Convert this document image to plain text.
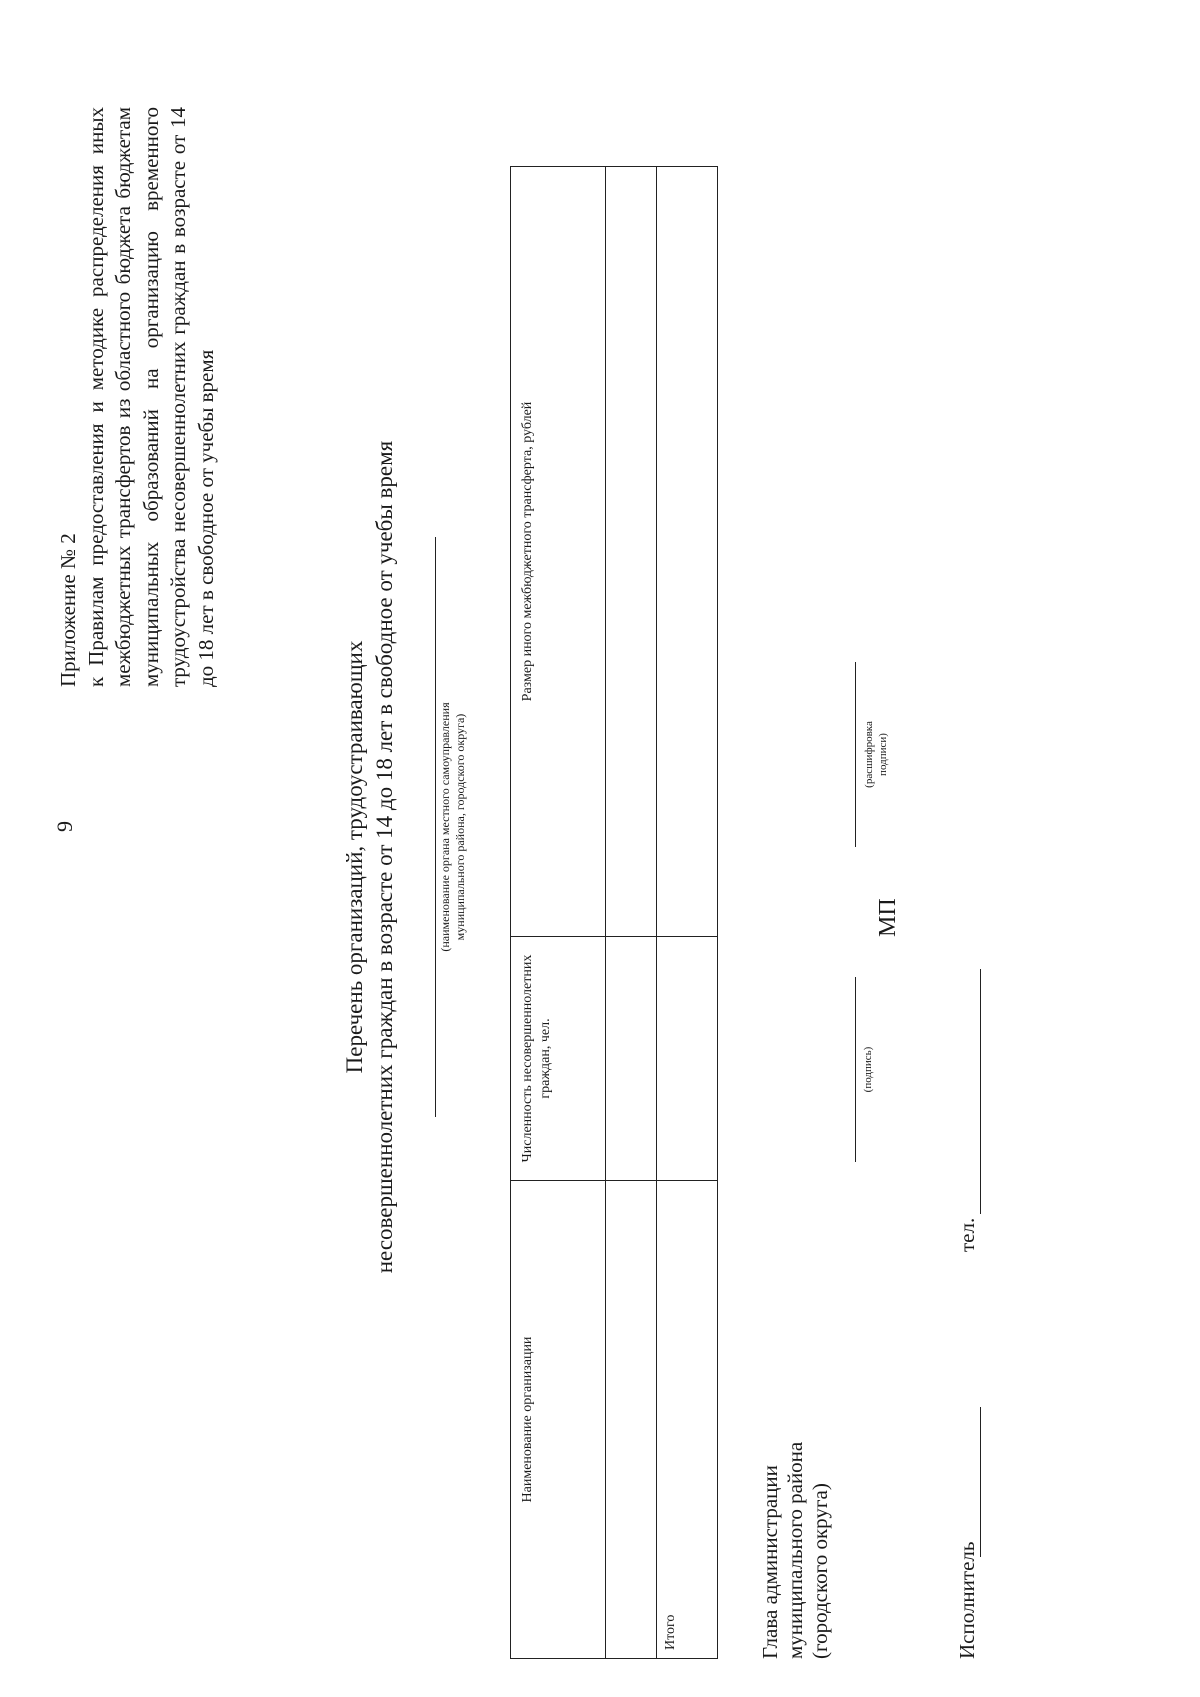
9
Приложение № 2 к Правилам предоставления и методике распределения иных межбюджетных трансфертов из областного бюджета бюджетам муниципальных образований на организацию временного трудоустройства несовершеннолетних граждан в возрасте от 14 до 18 лет в свободное от учебы время
Перечень организаций, трудоустраивающих несовершеннолетних граждан в возрасте от 14 до 18 лет в свободное от учебы время	(наименование органа местного самоуправления муниципального района, городского округа)
Наименование организации	Численность несовершеннолетних граждан, чел.	Размер иного межбюджетного трансферта, рублей

Итого			Глава администрации муниципального района (городского округа)
(подпись)
МП
(расшифровка подписи)
Исполнитель
тел.
